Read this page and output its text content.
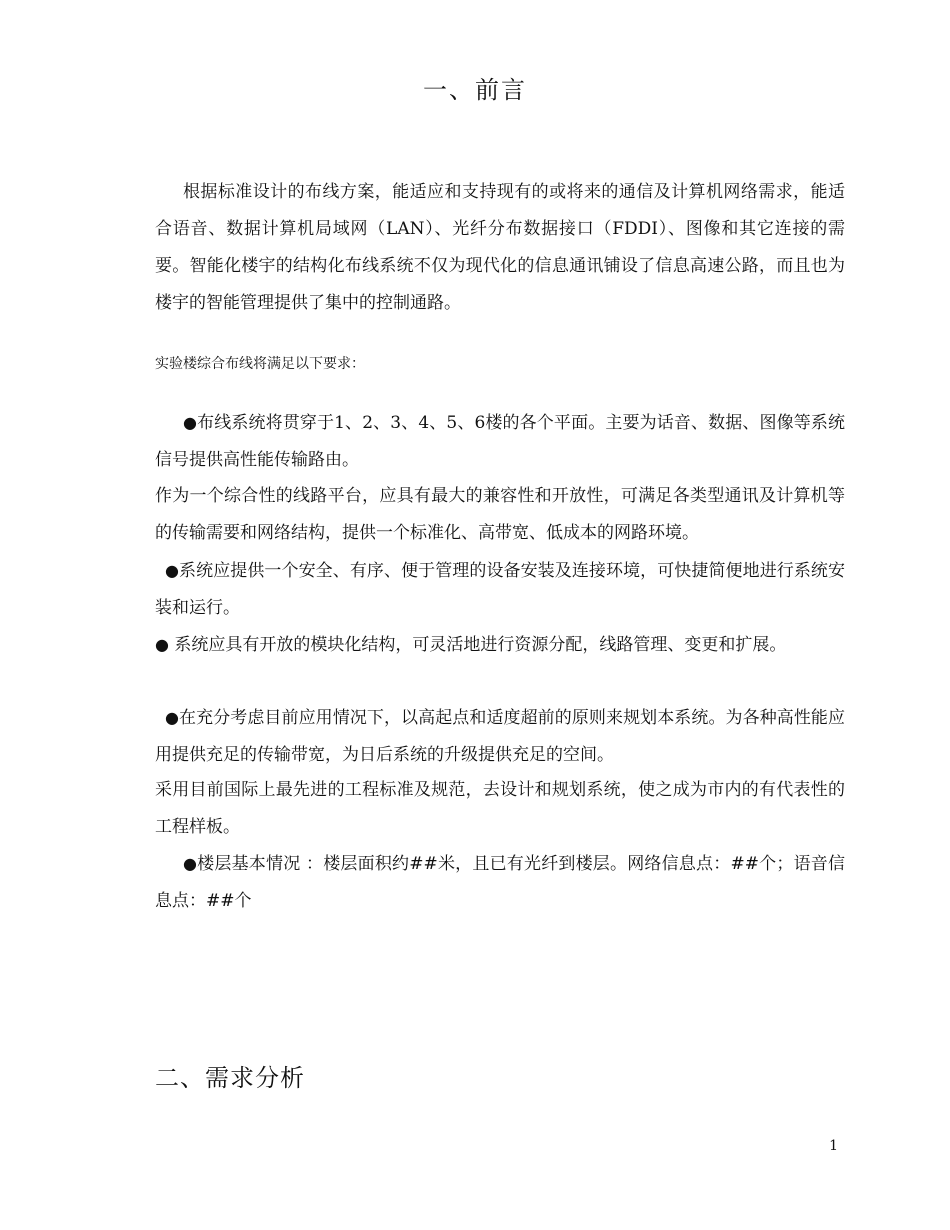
一、前言

根据标准设计的布线方案，能适应和支持现有的或将来的通信及计算机网络需求，能适合语音、数据计算机局域网（LAN）、光纤分布数据接口（FDDI）、图像和其它连接的需要。智能化楼宇的结构化布线系统不仅为现代化的信息通讯铺设了信息高速公路，而且也为楼宇的智能管理提供了集中的控制通路。

实验楼综合布线将满足以下要求：

●布线系统将贯穿于1、2、3、4、5、6楼的各个平面。主要为话音、数据、图像等系统信号提供高性能传输路由。

作为一个综合性的线路平台，应具有最大的兼容性和开放性，可满足各类型通讯及计算机等的传输需要和网络结构，提供一个标准化、高带宽、低成本的网路环境。

●系统应提供一个安全、有序、便于管理的设备安装及连接环境，可快捷简便地进行系统安装和运行。

● 系统应具有开放的模块化结构，可灵活地进行资源分配，线路管理、变更和扩展。

●在充分考虑目前应用情况下，以高起点和适度超前的原则来规划本系统。为各种高性能应用提供充足的传输带宽，为日后系统的升级提供充足的空间。

采用目前国际上最先进的工程标准及规范，去设计和规划系统，使之成为市内的有代表性的工程样板。

●楼层基本情况 ：楼层面积约##米，且已有光纤到楼层。网络信息点：##个；语音信息点：##个

二、需求分析
1
